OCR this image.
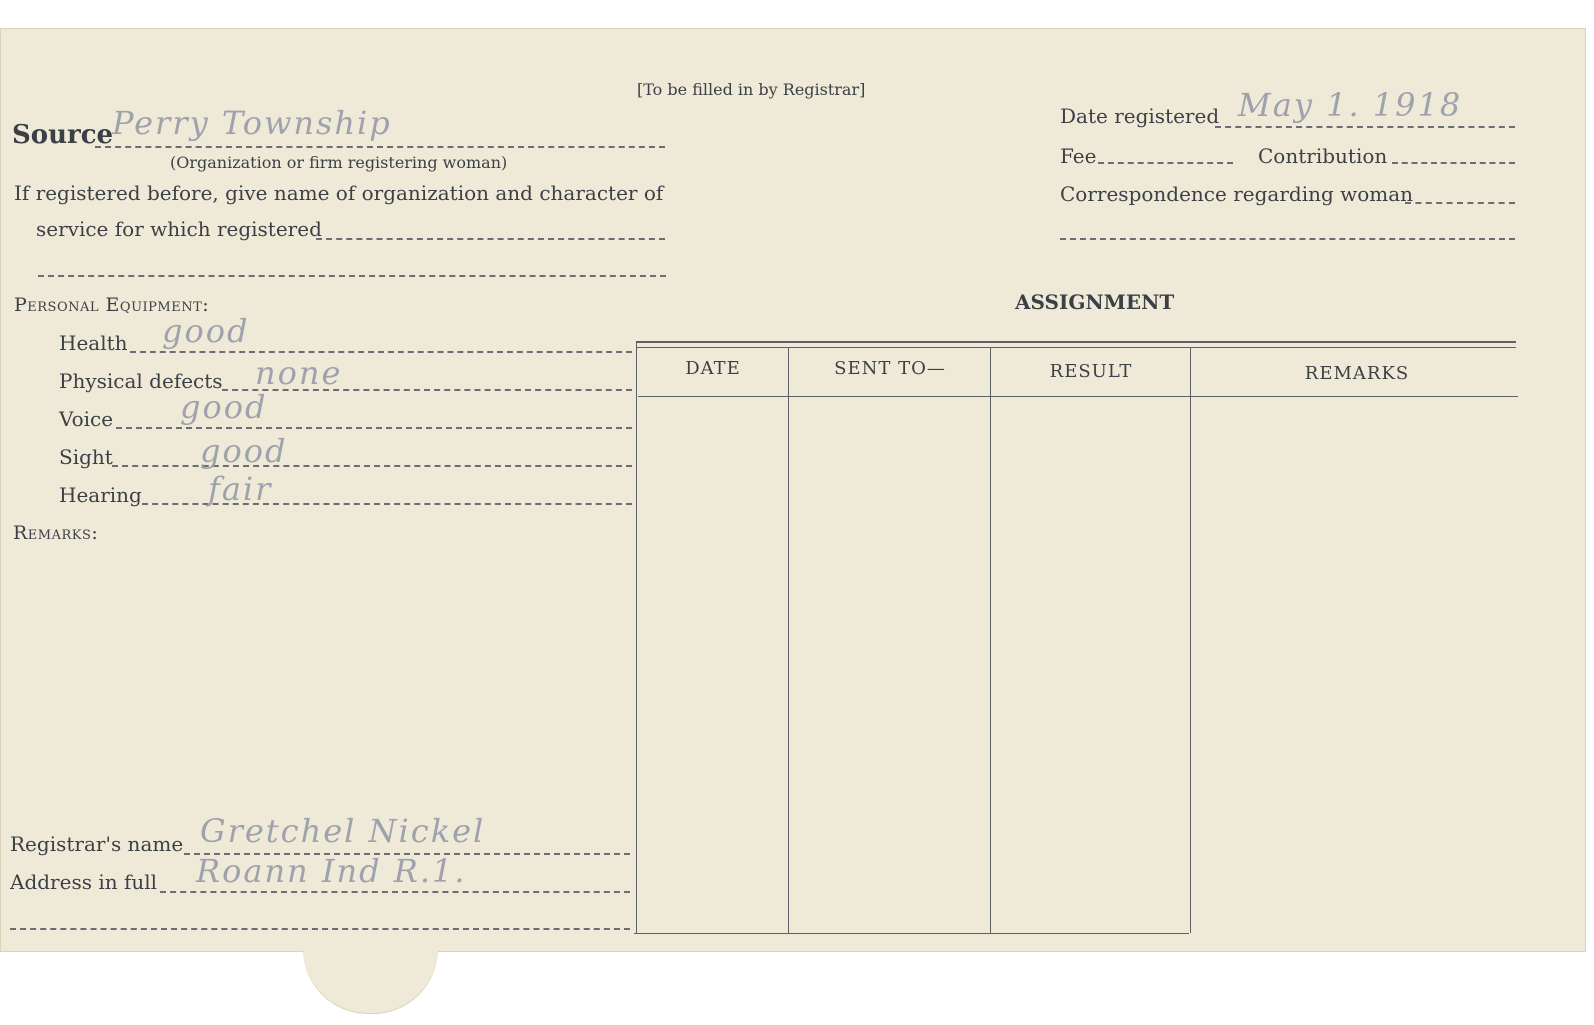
[To be filled in by Registrar]
Source
Perry Township
(Organization or firm registering woman)
If registered before, give name of organization and character of
service for which registered
Personal Equipment:
Health good
Physical defects none
Voice good
Sight	good
Hearing fair
Remarks:
Registrar's name Gretchel Nickel
Address in full Roann Ind R.1.
Date registered May 1. 1918
Fee	Contribution
Correspondence regarding woman
ASSIGNMENT
DATE	SENT TO—	RESULT	REMARKS
